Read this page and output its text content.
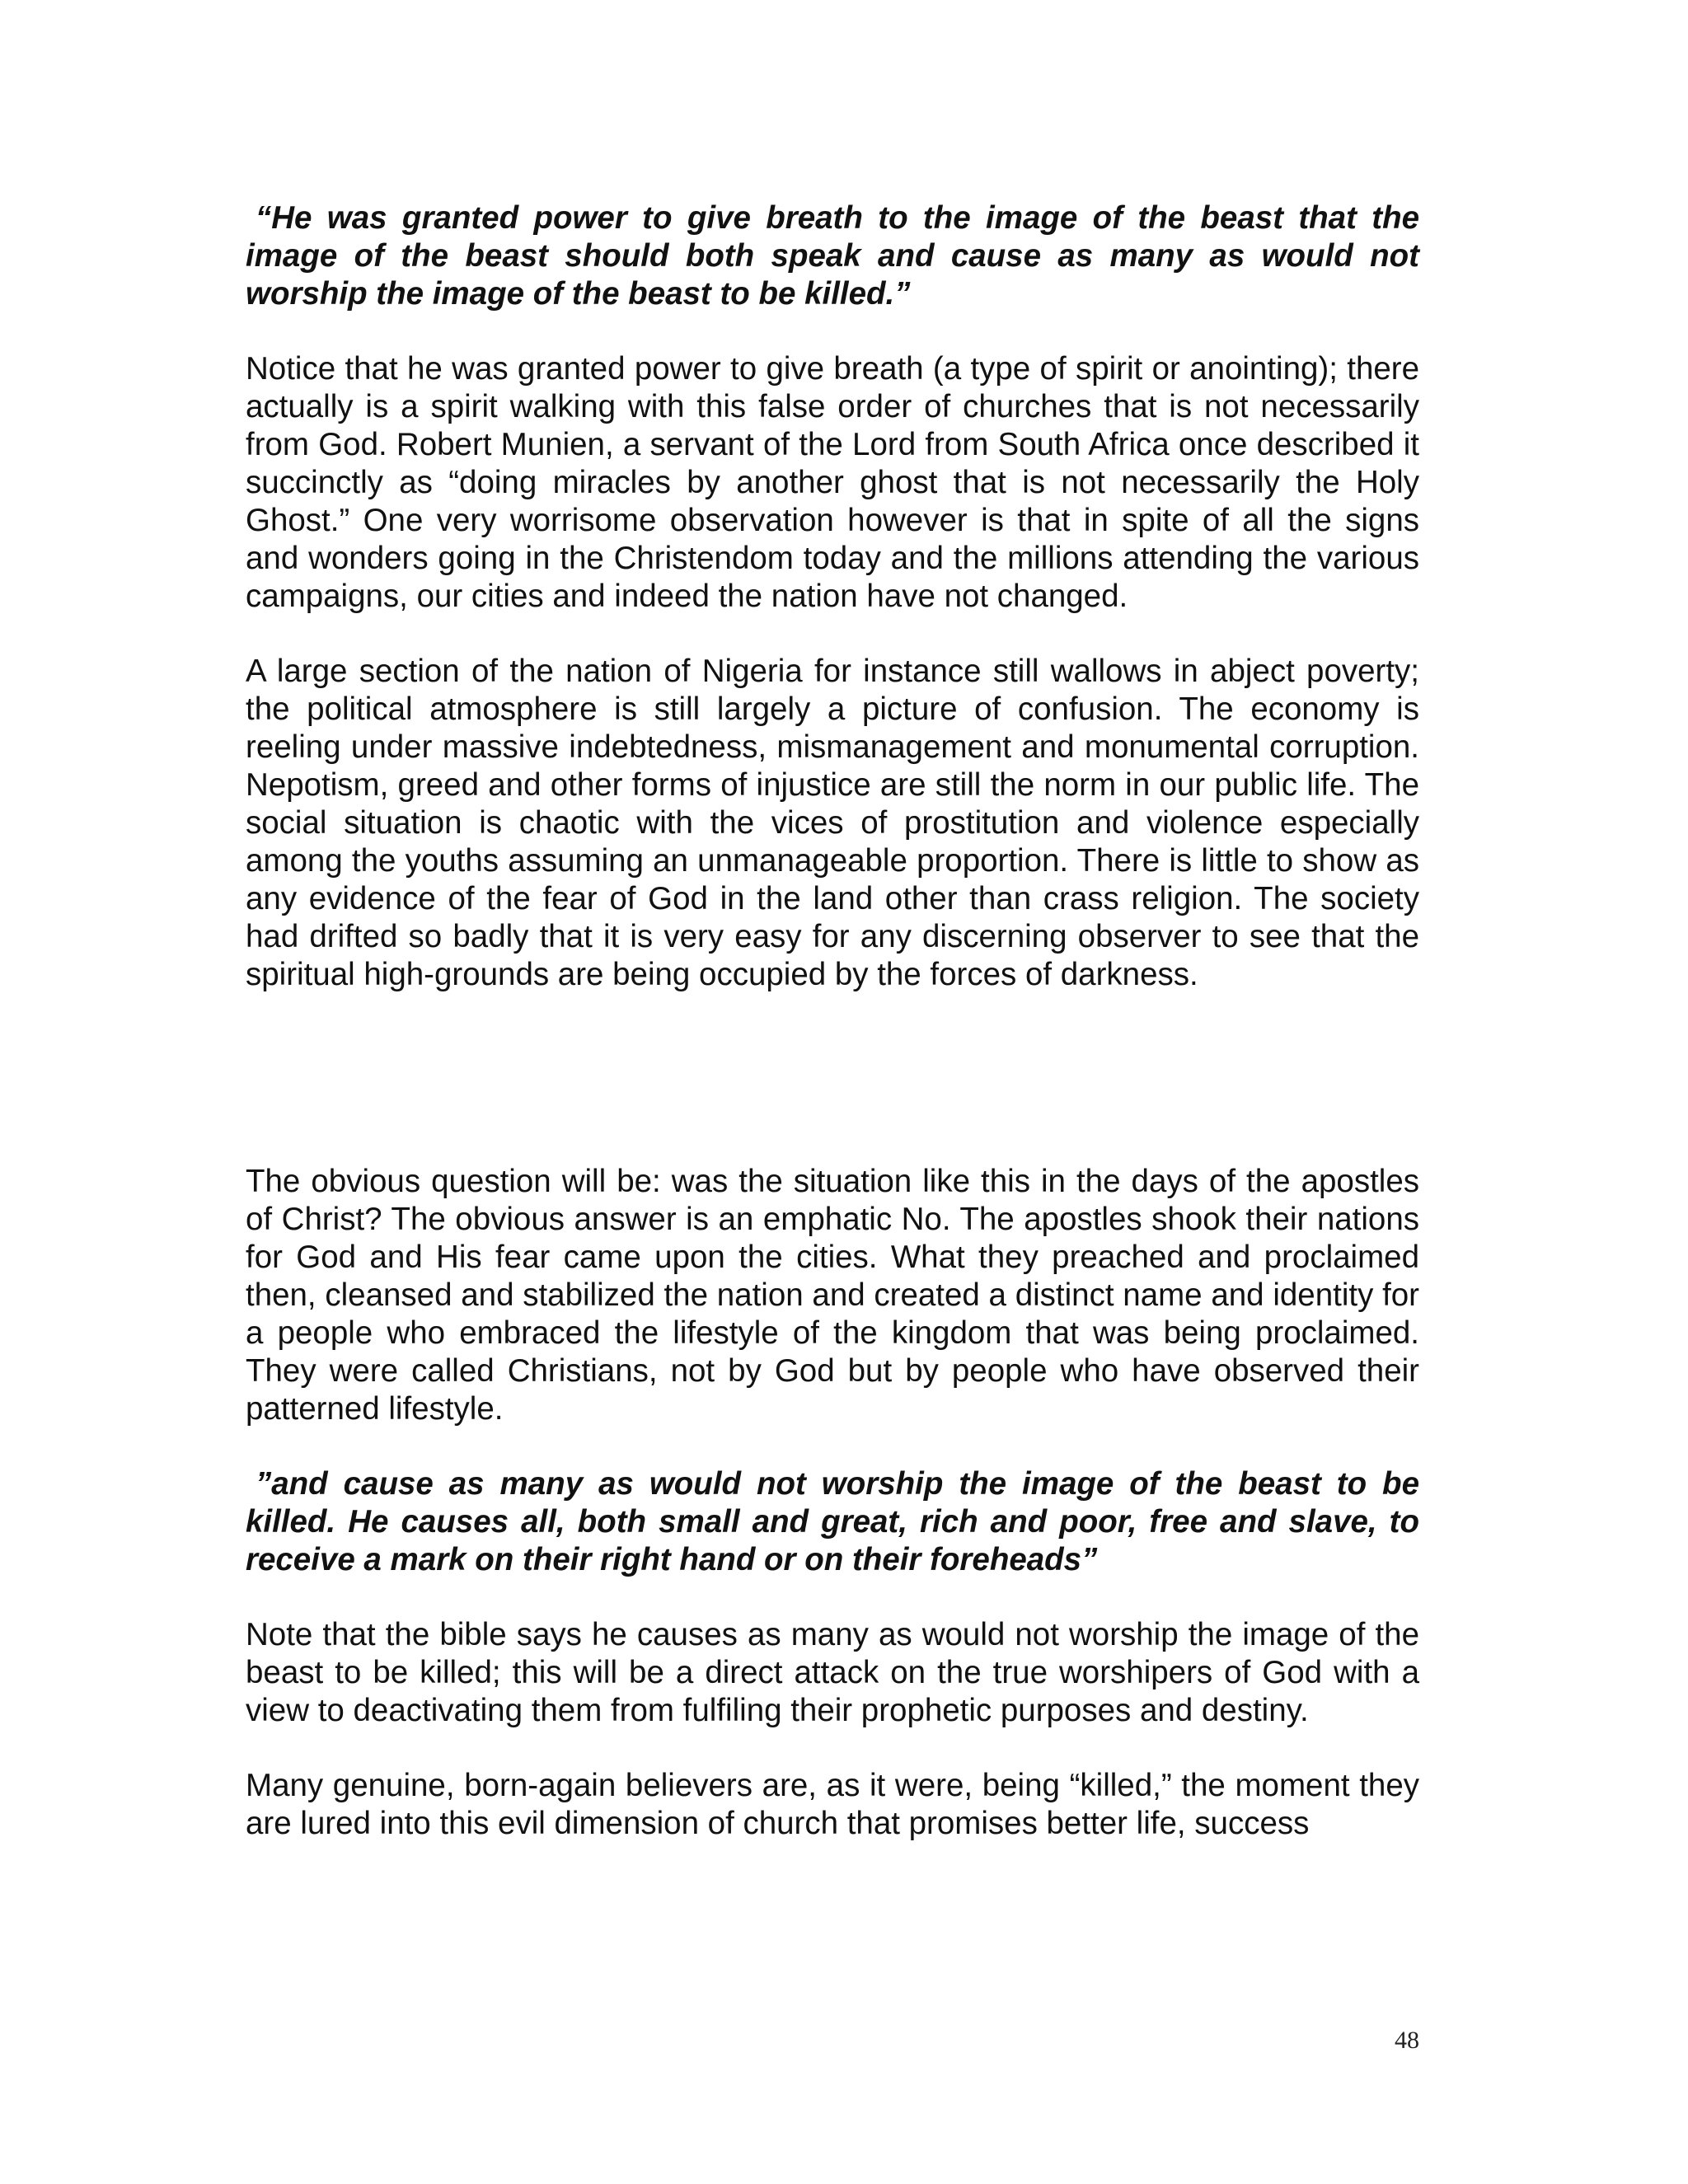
“He was granted power to give breath to the image of the beast that the image of the beast should both speak and cause as many as would not worship the image of the beast to be killed.”

Notice that he was granted power to give breath (a type of spirit or anointing); there actually is a spirit walking with this false order of churches that is not necessarily from God. Robert Munien, a servant of the Lord from South Africa once described it succinctly as “doing miracles by another ghost that is not necessarily the Holy Ghost.” One very worrisome observation however is that in spite of all the signs and wonders going in the Christendom today and the millions attending the various campaigns, our cities and indeed the nation have not changed.

A large section of the nation of Nigeria for instance still wallows in abject poverty; the political atmosphere is still largely a picture of confusion. The economy is reeling under massive indebtedness, mismanagement and monumental corruption. Nepotism, greed and other forms of injustice are still the norm in our public life. The social situation is chaotic with the vices of prostitution and violence especially among the youths assuming an unmanageable proportion. There is little to show as any evidence of the fear of God in the land other than crass religion. The society had drifted so badly that it is very easy for any discerning observer to see that the spiritual high-grounds are being occupied by the forces of darkness.

The obvious question will be: was the situation like this in the days of the apostles of Christ? The obvious answer is an emphatic No. The apostles shook their nations for God and His fear came upon the cities. What they preached and proclaimed then, cleansed and stabilized the nation and created a distinct name and identity for a people who embraced the lifestyle of the kingdom that was being proclaimed. They were called Christians, not by God but by people who have observed their patterned lifestyle.

”and cause as many as would not worship the image of the beast to be killed. He causes all, both small and great, rich and poor, free and slave, to receive a mark on their right hand or on their foreheads”

Note that the bible says he causes as many as would not worship the image of the beast to be killed; this will be a direct attack on the true worshipers of God with a view to deactivating them from fulfiling their prophetic purposes and destiny.

Many genuine, born-again believers are, as it were, being “killed,” the moment they are lured into this evil dimension of church that promises better life, success

48
